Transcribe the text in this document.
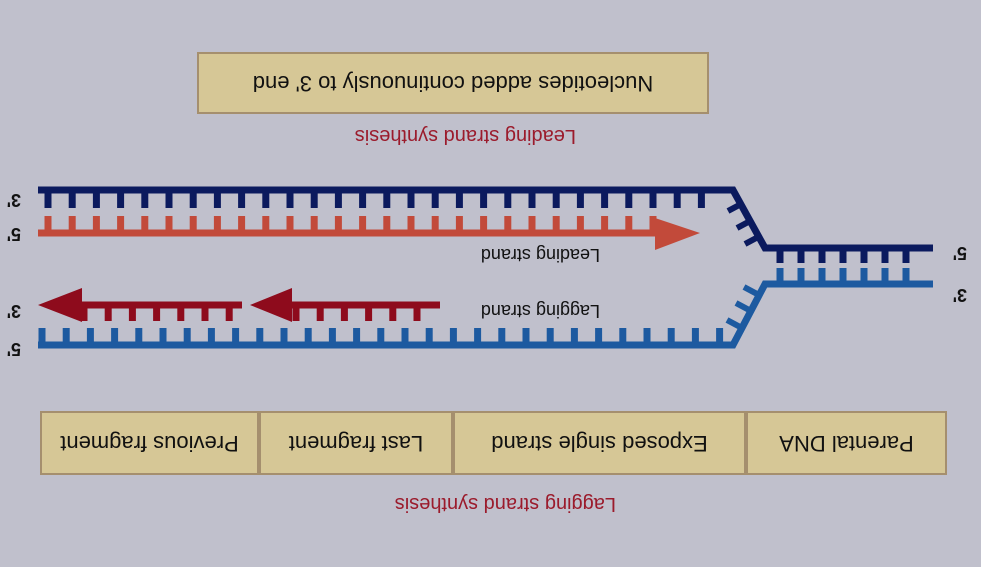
Nucleotides added continuously to 3' end
Leading strand synthesis
Leading strand
Lagging strand
3'
5'
3'
5'
5'
3'
Parental DNA
Exposed single strand
Last fragment
Previous fragment
Lagging strand synthesis
